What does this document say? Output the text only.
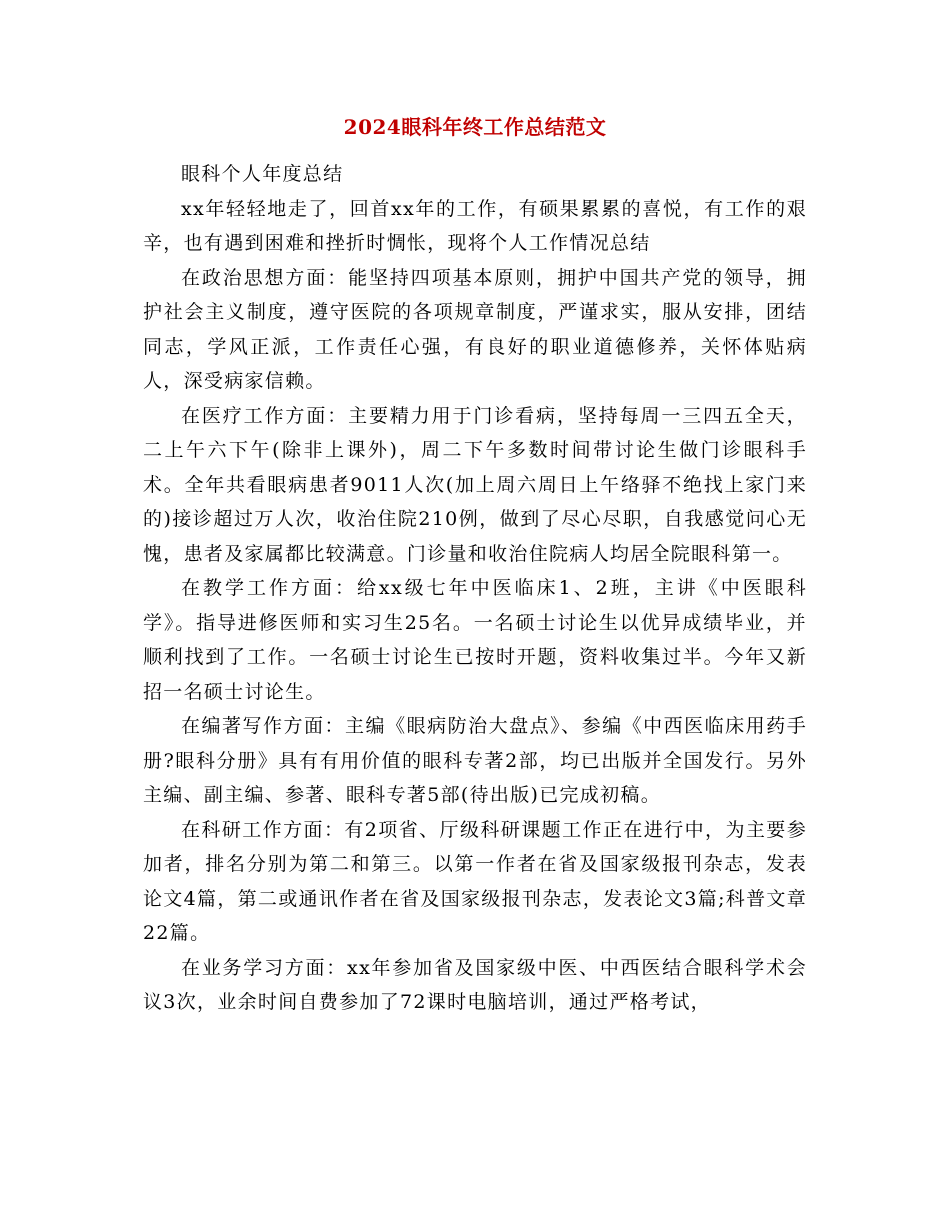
2024眼科年终工作总结范文

眼科个人年度总结

xx年轻轻地走了，回首xx年的工作，有硕果累累的喜悦，有工作的艰辛，也有遇到困难和挫折时惆怅，现将个人工作情况总结

在政治思想方面：能坚持四项基本原则，拥护中国共产党的领导，拥护社会主义制度，遵守医院的各项规章制度，严谨求实，服从安排，团结同志，学风正派，工作责任心强，有良好的职业道德修养，关怀体贴病人，深受病家信赖。

在医疗工作方面：主要精力用于门诊看病，坚持每周一三四五全天，二上午六下午(除非上课外)，周二下午多数时间带讨论生做门诊眼科手术。全年共看眼病患者9011人次(加上周六周日上午络驿不绝找上家门来的)接诊超过万人次，收治住院210例，做到了尽心尽职，自我感觉问心无愧，患者及家属都比较满意。门诊量和收治住院病人均居全院眼科第一。

在教学工作方面：给xx级七年中医临床1、2班，主讲《中医眼科学》。指导进修医师和实习生25名。一名硕士讨论生以优异成绩毕业，并顺利找到了工作。一名硕士讨论生已按时开题，资料收集过半。今年又新招一名硕士讨论生。

在编著写作方面：主编《眼病防治大盘点》、参编《中西医临床用药手册?眼科分册》具有有用价值的眼科专著2部，均已出版并全国发行。另外主编、副主编、参著、眼科专著5部(待出版)已完成初稿。

在科研工作方面：有2项省、厅级科研课题工作正在进行中，为主要参加者，排名分别为第二和第三。以第一作者在省及国家级报刊杂志，发表论文4篇，第二或通讯作者在省及国家级报刊杂志，发表论文3篇;科普文章22篇。

在业务学习方面：xx年参加省及国家级中医、中西医结合眼科学术会议3次，业余时间自费参加了72课时电脑培训，通过严格考试，
